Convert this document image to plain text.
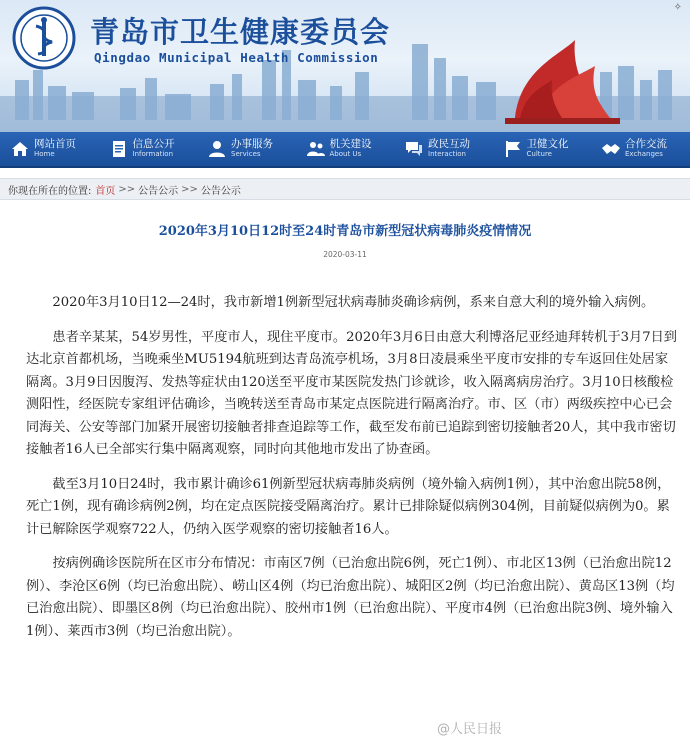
青岛市卫生健康委员会
Qingdao Municipal Health Commission
✧
网站首页
Home
信息公开
Information
办事服务
Services
机关建设
About Us
政民互动
Interaction
卫健文化
Culture
合作交流
Exchanges
你现在所在的位置: 首页 >> 公告公示 >> 公告公示
2020年3月10日12时至24时青岛市新型冠状病毒肺炎疫情情况
2020-03-11

2020年3月10日12—24时，我市新增1例新型冠状病毒肺炎确诊病例，系来自意大利的境外输入病例。

患者辛某某，54岁男性，平度市人，现住平度市。2020年3月6日由意大利博洛尼亚经迪拜转机于3月7日到达北京首都机场，当晚乘坐MU5194航班到达青岛流亭机场，3月8日凌晨乘坐平度市安排的专车返回住处居家隔离。3月9日因腹泻、发热等症状由120送至平度市某医院发热门诊就诊，收入隔离病房治疗。3月10日核酸检测阳性，经医院专家组评估确诊，当晚转送至青岛市某定点医院进行隔离治疗。市、区（市）两级疾控中心已会同海关、公安等部门加紧开展密切接触者排查追踪等工作，截至发布前已追踪到密切接触者20人，其中我市密切接触者16人已全部实行集中隔离观察，同时向其他地市发出了协查函。

截至3月10日24时，我市累计确诊61例新型冠状病毒肺炎病例（境外输入病例1例），其中治愈出院58例，死亡1例，现有确诊病例2例，均在定点医院接受隔离治疗。累计已排除疑似病例304例，目前疑似病例为0。累计已解除医学观察722人，仍纳入医学观察的密切接触者16人。

按病例确诊医院所在区市分布情况：市南区7例（已治愈出院6例，死亡1例）、市北区13例（已治愈出院12例）、李沧区6例（均已治愈出院）、崂山区4例（均已治愈出院）、城阳区2例（均已治愈出院）、黄岛区13例（均已治愈出院）、即墨区8例（均已治愈出院）、胶州市1例（已治愈出院）、平度市4例（已治愈出院3例、境外输入1例）、莱西市3例（均已治愈出院）。

@人民日报
